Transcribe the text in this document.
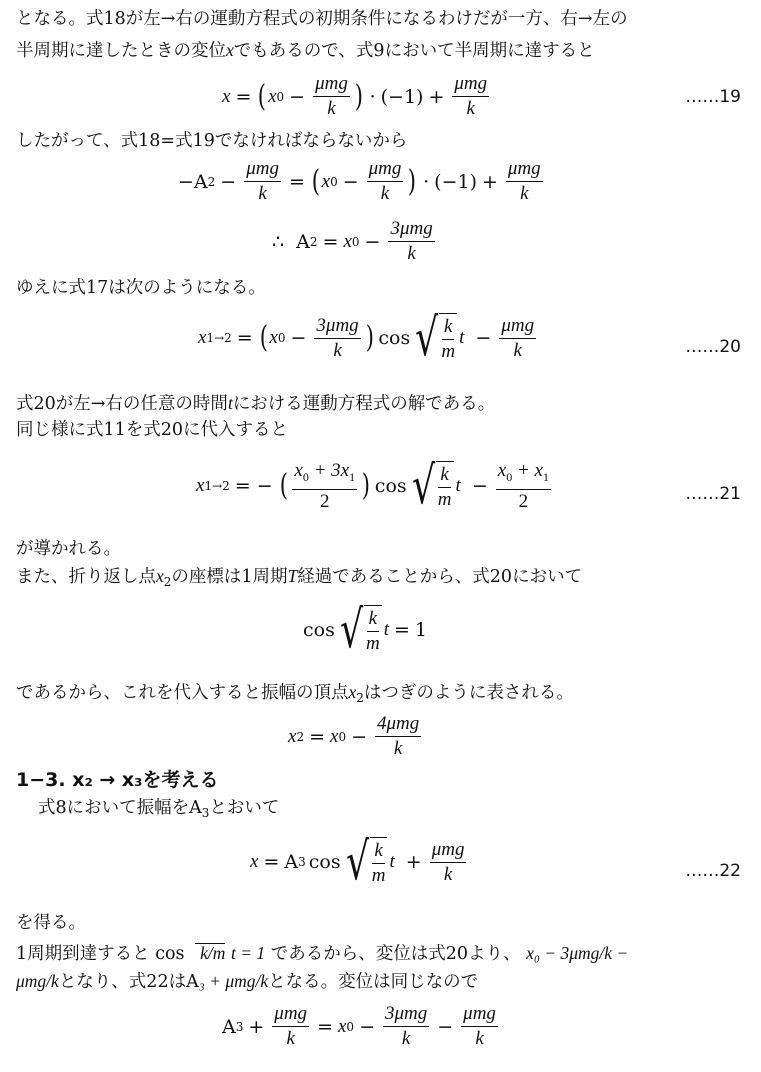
となる。式18が左→右の運動方程式の初期条件になるわけだが一方、右→左の
半周期に達したときの変位xでもあるので、式9において半周期に達すると
x = ( x $0 - \frac{\text{μmg}}{k}$ ) · $(-1) + \frac{\text{μmg}}{k}$	……19
したがって、式18=式19でなければならないから
−A $2 - \frac{\text{μmg}}{k}$ = ( x $0 - \frac{\text{μmg}}{k}$ ) · $(-1) + \frac{\text{μmg}}{k}$
∴  A 2 = x $0 - \frac{\text{3μmg}}{k}$
ゆえに式17は次のようになる。
x 1→2 = ( x $0 - \frac{\text{3μmg}}{k}$ ) cos √ $\frac{k}{m}$ $t - \frac{\text{μmg}}{k}$	……20
式20が左→右の任意の時間tにおける運動方程式の解である。
同じ様に式11を式20に代入すると
x 1→2 = − ( $\frac{x_0 + 3x_1}{2}$ ) cos √ $\frac{k}{m}$ $t - \frac{x_0 + x_1}{2}$	……21
が導かれる。
また、折り返し点$x_2$の座標は1周期T経過であることから、式20において
cos √ $\frac{k}{m}$ t = 1
であるから、これを代入すると振幅の頂点$x_2$はつぎのように表される。
x 2 = x $0 - \frac{\text{4μmg}}{k}$
1−3. x₂ → x₃を考える
式8において振幅を$A_3$とおいて
x = A 3 cos √ $\frac{k}{m}$ $t + \frac{\text{μmg}}{k}$	……22
を得る。
1周期到達すると cos k/m t = 1 であるから、変位は式20より、 x₀ − 3μmg/k −
μmg/kとなり、式22はA₃ + μmg/kとなる。変位は同じなので
A $3 + \frac{\text{μmg}}{k} = x$ $0 - \frac{\text{3μmg}}{k} - \frac{\text{μmg}}{k}$
